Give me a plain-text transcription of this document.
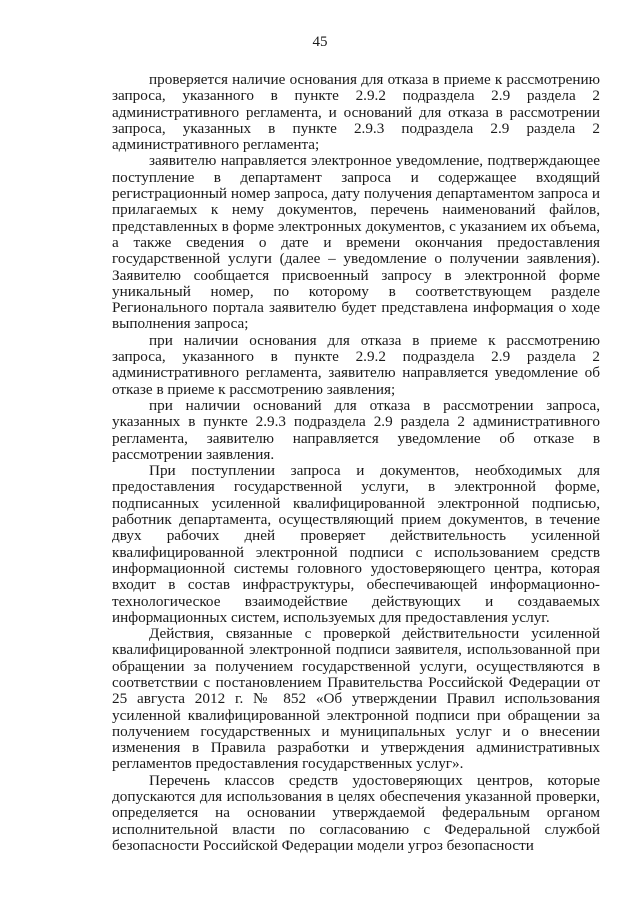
45

проверяется наличие основания для отказа в приеме к рассмотрению запроса, указанного в пункте 2.9.2 подраздела 2.9 раздела 2 административного регламента, и оснований для отказа в рассмотрении запроса, указанных в пункте 2.9.3 подраздела 2.9 раздела 2 административного регламента;

заявителю направляется электронное уведомление, подтверждающее поступление в департамент запроса и содержащее входящий регистрационный номер запроса, дату получения департаментом запроса и прилагаемых к нему документов, перечень наименований файлов, представленных в форме электронных документов, с указанием их объема, а также сведения о дате и времени окончания предоставления государственной услуги (далее – уведомление о получении заявления). Заявителю сообщается присвоенный запросу в электронной форме уникальный номер, по которому в соответствующем разделе Регионального портала заявителю будет представлена информация о ходе выполнения запроса;

при наличии основания для отказа в приеме к рассмотрению запроса, указанного в пункте 2.9.2 подраздела 2.9 раздела 2 административного регламента, заявителю направляется уведомление об отказе в приеме к рассмотрению заявления;

при наличии оснований для отказа в рассмотрении запроса, указанных в пункте 2.9.3 подраздела 2.9 раздела 2 административного регламента, заявителю направляется уведомление об отказе в рассмотрении заявления.

При поступлении запроса и документов, необходимых для предоставления государственной услуги, в электронной форме, подписанных усиленной квалифицированной электронной подписью, работник департамента, осуществляющий прием документов, в течение двух рабочих дней проверяет действительность усиленной квалифицированной электронной подписи с использованием средств информационной системы головного удостоверяющего центра, которая входит в состав инфраструктуры, обеспечивающей информационно-технологическое взаимодействие действующих и создаваемых информационных систем, используемых для предоставления услуг.

Действия, связанные с проверкой действительности усиленной квалифицированной электронной подписи заявителя, использованной при обращении за получением государственной услуги, осуществляются в соответствии с постановлением Правительства Российской Федерации от 25 августа 2012 г. № 852 «Об утверждении Правил использования усиленной квалифицированной электронной подписи при обращении за получением государственных и муниципальных услуг и о внесении изменения в Правила разработки и утверждения административных регламентов предоставления государственных услуг».

Перечень классов средств удостоверяющих центров, которые допускаются для использования в целях обеспечения указанной проверки, определяется на основании утверждаемой федеральным органом исполнительной власти по согласованию с Федеральной службой безопасности Российской Федерации модели угроз безопасности
